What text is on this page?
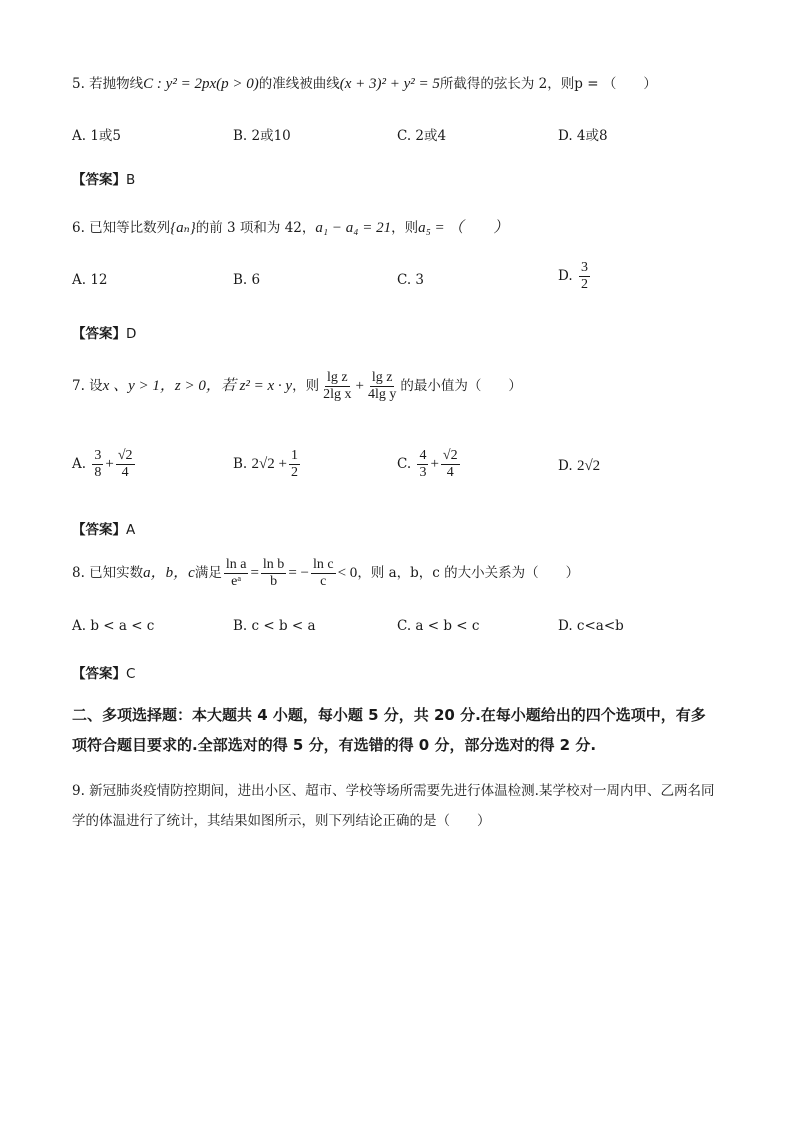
5. 若抛物线C : y² = 2px(p > 0)的准线被曲线(x + 3)² + y² = 5所截得的弦长为 2，则p = （　　）
A. 1或5	B. 2或10	C. 2或4	D. 4或8
【答案】B
6. 已知等比数列{aₙ}的前 3 项和为 42，a₁ − a₄ = 21，则a₅ = （　　）
A. 12	B. 6	C. 3	D. $\frac{3}{2}$
【答案】D
7. 设x 、y > 1，z > 0，若 z² = x · y，则 $\frac{\text{lg z}}{\text{2lg x}} + \frac{\text{lg z}}{\text{4lg y}}$ 的最小值为（　　）
A. $\frac{3}{8} + \frac{√2}{4}$	B. $2√2 + \frac{1}{2}$	C. $\frac{4}{3} + \frac{√2}{4}$	D. 2√2
【答案】A
8. 已知实数a，b，c满足 $\frac{\text{ln a}}{\text{eᵃ}} = \frac{\text{ln b}}{b}$ = − $\frac{\text{ln c}}{c} < 0$，则 a，b，c 的大小关系为（　　）
A. b < a < c	B. c < b < a	C. a < b < c	D. c<a<b
【答案】C
二、多项选择题：本大题共 4 小题，每小题 5 分，共 20 分.在每小题给出的四个选项中，有多
项符合题目要求的.全部选对的得 5 分，有选错的得 0 分，部分选对的得 2 分.
9. 新冠肺炎疫情防控期间，进出小区、超市、学校等场所需要先进行体温检测.某学校对一周内甲、乙两名同
学的体温进行了统计，其结果如图所示，则下列结论正确的是（　　）
